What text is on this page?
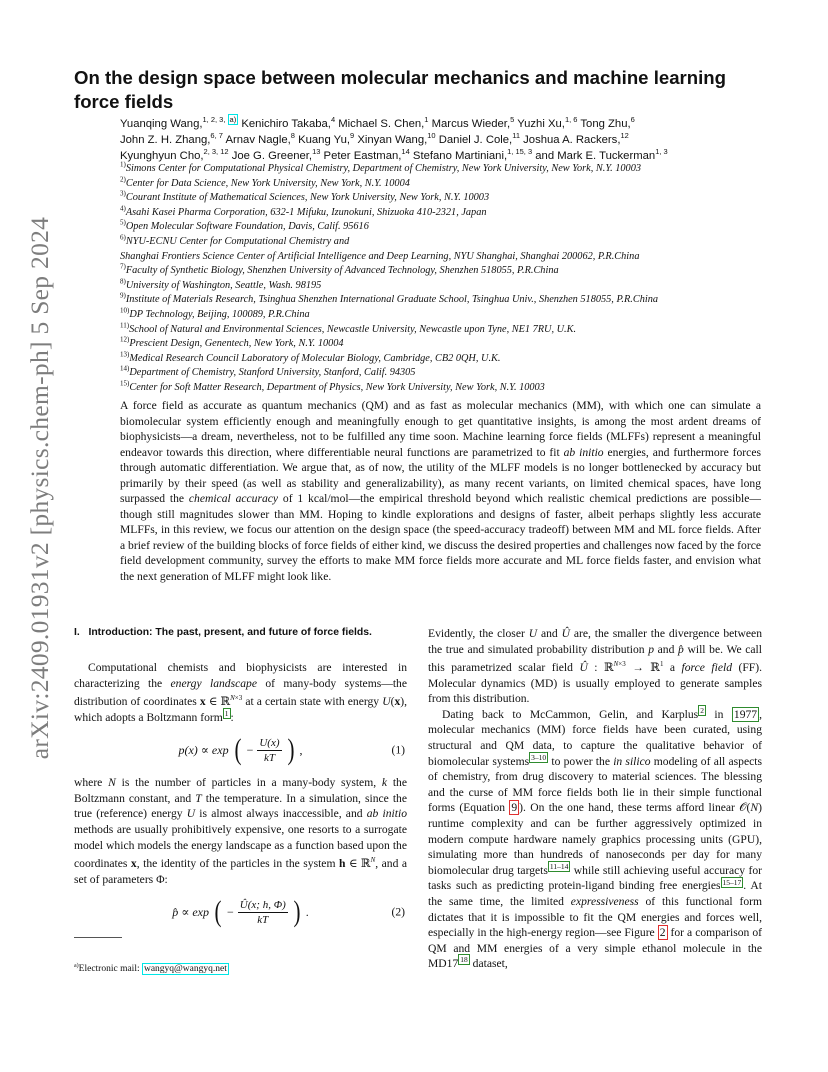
arXiv:2409.01931v2 [physics.chem-ph] 5 Sep 2024
On the design space between molecular mechanics and machine learning force fields
Yuanqing Wang,$^{1, 2, 3, a)}$ Kenichiro Takaba,$^4$ Michael S. Chen,$^1$ Marcus Wieder,$^5$ Yuzhi Xu,$^{1, 6}$ Tong Zhu,$^6$
John Z. H. Zhang,$^{6, 7}$ Arnav Nagle,$^8$ Kuang Yu,$^9$ Xinyan Wang,$^{10}$ Daniel J. Cole,$^{11}$ Joshua A. Rackers,$^{12}$
Kyunghyun Cho,$^{2, 3, 12}$ Joe G. Greener,$^{13}$ Peter Eastman,$^{14}$ Stefano Martiniani,$^{1, 15, 3}$ and Mark E. Tuckerman$^{1, 3}$
$^{1)}$Simons Center for Computational Physical Chemistry, Department of Chemistry, New York University, New York, N.Y. 10003
$^{2)}$Center for Data Science, New York University, New York, N.Y. 10004
$^{3)}$Courant Institute of Mathematical Sciences, New York University, New York, N.Y. 10003
$^{4)}$Asahi Kasei Pharma Corporation, 632-1 Mifuku, Izunokuni, Shizuoka 410-2321, Japan
$^{5)}$Open Molecular Software Foundation, Davis, Calif. 95616
$^{6)}$NYU-ECNU Center for Computational Chemistry and
Shanghai Frontiers Science Center of Artificial Intelligence and Deep Learning, NYU Shanghai, Shanghai 200062, P.R.China
$^{7)}$Faculty of Synthetic Biology, Shenzhen University of Advanced Technology, Shenzhen 518055, P.R.China
$^{8)}$University of Washington, Seattle, Wash. 98195
$^{9)}$Institute of Materials Research, Tsinghua Shenzhen International Graduate School, Tsinghua Univ., Shenzhen 518055, P.R.China
$^{10)}$DP Technology, Beijing, 100089, P.R.China
$^{11)}$School of Natural and Environmental Sciences, Newcastle University, Newcastle upon Tyne, NE1 7RU, U.K.
$^{12)}$Prescient Design, Genentech, New York, N.Y. 10004
$^{13)}$Medical Research Council Laboratory of Molecular Biology, Cambridge, CB2 0QH, U.K.
$^{14)}$Department of Chemistry, Stanford University, Stanford, Calif. 94305
$^{15)}$Center for Soft Matter Research, Department of Physics, New York University, New York, N.Y. 10003
A force field as accurate as quantum mechanics (QM) and as fast as molecular mechanics (MM), with which one can simulate a biomolecular system efficiently enough and meaningfully enough to get quantitative insights, is among the most ardent dreams of biophysicists—a dream, nevertheless, not to be fulfilled any time soon. Machine learning force fields (MLFFs) represent a meaningful endeavor towards this direction, where differentiable neural functions are parametrized to fit ab initio energies, and furthermore forces through automatic differentiation. We argue that, as of now, the utility of the MLFF models is no longer bottlenecked by accuracy but primarily by their speed (as well as stability and generalizability), as many recent variants, on limited chemical spaces, have long surpassed the chemical accuracy of 1 kcal/mol—the empirical threshold beyond which realistic chemical predictions are possible—though still magnitudes slower than MM. Hoping to kindle explorations and designs of faster, albeit perhaps slightly less accurate MLFFs, in this review, we focus our attention on the design space (the speed-accuracy tradeoff) between MM and ML force fields. After a brief review of the building blocks of force fields of either kind, we discuss the desired properties and challenges now faced by the force field development community, survey the efforts to make MM force fields more accurate and ML force fields faster, and envision what the next generation of MLFF might look like.
I. Introduction: The past, present, and future of force fields.

Computational chemists and biophysicists are interested in characterizing the energy landscape of many-body systems—the distribution of coordinates x ∈ ℝ$^{N\times 3}$ at a certain state with energy U(x), which adopts a Boltzmann form $^1$ :

p(x) ∝ exp ( − $\frac{U(x)}{kT}$ ) ,	(1)

where N is the number of particles in a many-body system, k the Boltzmann constant, and T the temperature. In a simulation, since the true (reference) energy U is almost always inaccessible, and ab initio methods are usually prohibitively expensive, one resorts to a surrogate model which models the energy landscape as a function based upon the coordinates x, the identity of the particles in the system h ∈ ℝ$^N$, and a set of parameters Φ:

p̂ ∝ exp ( − $\frac{Û(x; h, \Phi)}{kT}$ ) .	(2)
$^{a)}$Electronic mail: wangyq@wangyq.net

Evidently, the closer U and Û are, the smaller the divergence between the true and simulated probability distribution p and p̂ will be. We call this parametrized scalar field Û : ℝ$^{N\times 3}$ → ℝ$^1$ a force field (FF). Molecular dynamics (MD) is usually employed to generate samples from this distribution.

Dating back to McCammon, Gelin, and Karplus $^2$ in 1977 , molecular mechanics (MM) force fields have been curated, using structural and QM data, to capture the qualitative behavior of biomolecular systems $^{3-10}$ to power the in silico modeling of all aspects of chemistry, from drug discovery to material sciences. The blessing and the curse of MM force fields both lie in their simple functional forms (Equation 9 ). On the one hand, these terms afford linear 𝒪(N) runtime complexity and can be further aggressively optimized in modern compute hardware namely graphics processing units (GPU), simulating more than hundreds of nanoseconds per day for many biomolecular drug targets $^{11-14}$ while still achieving useful accuracy for tasks such as predicting protein-ligand binding free energies $^{15-17}$ . At the same time, the limited expressiveness of this functional form dictates that it is impossible to fit the QM energies and forces well, especially in the high-energy region—see Figure 2 for a comparison of QM and MM energies of a very simple ethanol molecule in the MD17 $^{18}$ dataset,
